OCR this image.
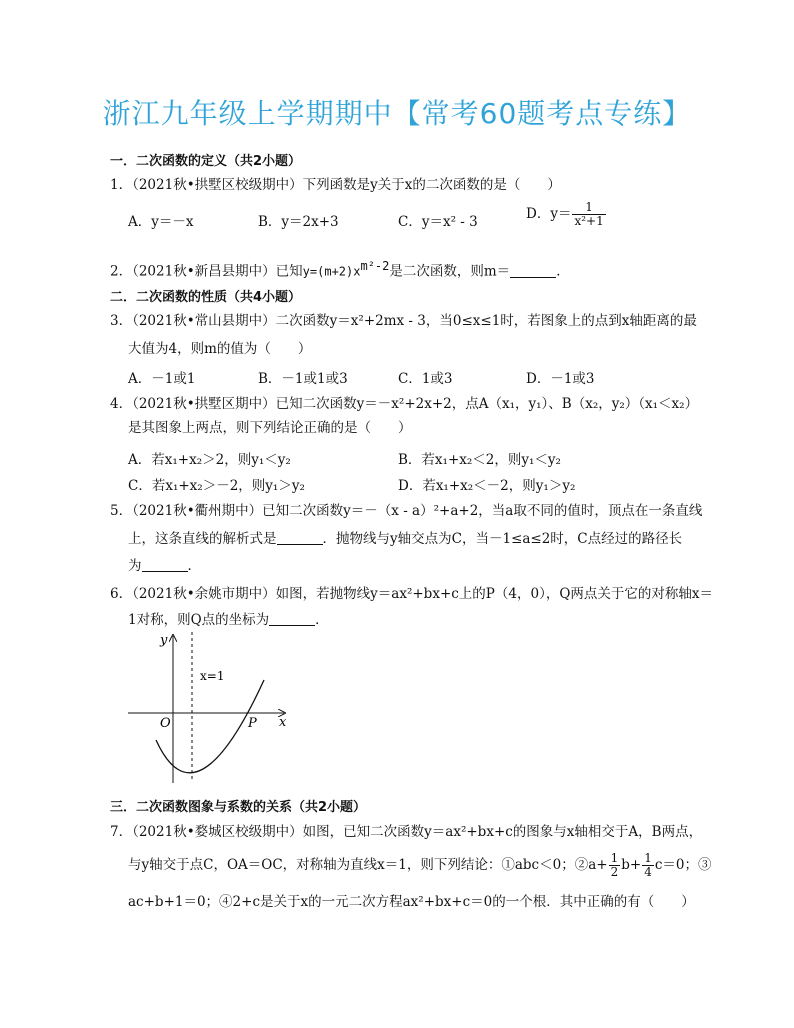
浙江九年级上学期期中【常考60题考点专练】
一．二次函数的定义（共2小题）
1．（2021秋•拱墅区校级期中）下列函数是y关于x的二次函数的是（　　）
A．y＝－x	B．y＝2x+3	C．y＝x² - 3	D．$y= \frac{1}{\text{x²+1}}$
2．（2021秋•新昌县期中）已知$y=(m+2)x^{m^2-2}$是二次函数，则m＝	．
二．二次函数的性质（共4小题）
3．（2021秋•常山县期中）二次函数y＝x²+2mx - 3，当0≤x≤1时，若图象上的点到x轴距离的最
大值为4，则m的值为（　　）
A．－1或1	B．－1或1或3	C．1或3	D．－1或3
4．（2021秋•拱墅区期中）已知二次函数y＝－x²+2x+2，点A（x₁，y₁）、B（x₂，y₂）（x₁＜x₂）
是其图象上两点，则下列结论正确的是（　　）
A．若x₁+x₂＞2，则y₁＜y₂	B．若x₁+x₂＜2，则y₁＜y₂
C．若x₁+x₂＞－2，则y₁＞y₂	D．若x₁+x₂＜－2，则y₁＞y₂
5．（2021秋•衢州期中）已知二次函数y＝－（x - a）²+a+2，当a取不同的值时，顶点在一条直线
上，这条直线的解析式是	．抛物线与y轴交点为C，当－1≤a≤2时，C点经过的路径长
为	．
6．（2021秋•余姚市期中）如图，若抛物线y＝ax²+bx+c上的P（4，0），Q两点关于它的对称轴x＝
1对称，则Q点的坐标为	．
y
x
O
x=1
P
三．二次函数图象与系数的关系（共2小题）
7．（2021秋•婺城区校级期中）如图，已知二次函数y＝ax²+bx+c的图象与x轴相交于A，B两点，
与y轴交于点C，OA＝OC，对称轴为直线x＝1，则下列结论：①abc＜0；②a+ $\frac{1}{2} b+ \frac{1}{4} c=0$；③
ac+b+1＝0；④2+c是关于x的一元二次方程ax²+bx+c＝0的一个根．其中正确的有（　　）
